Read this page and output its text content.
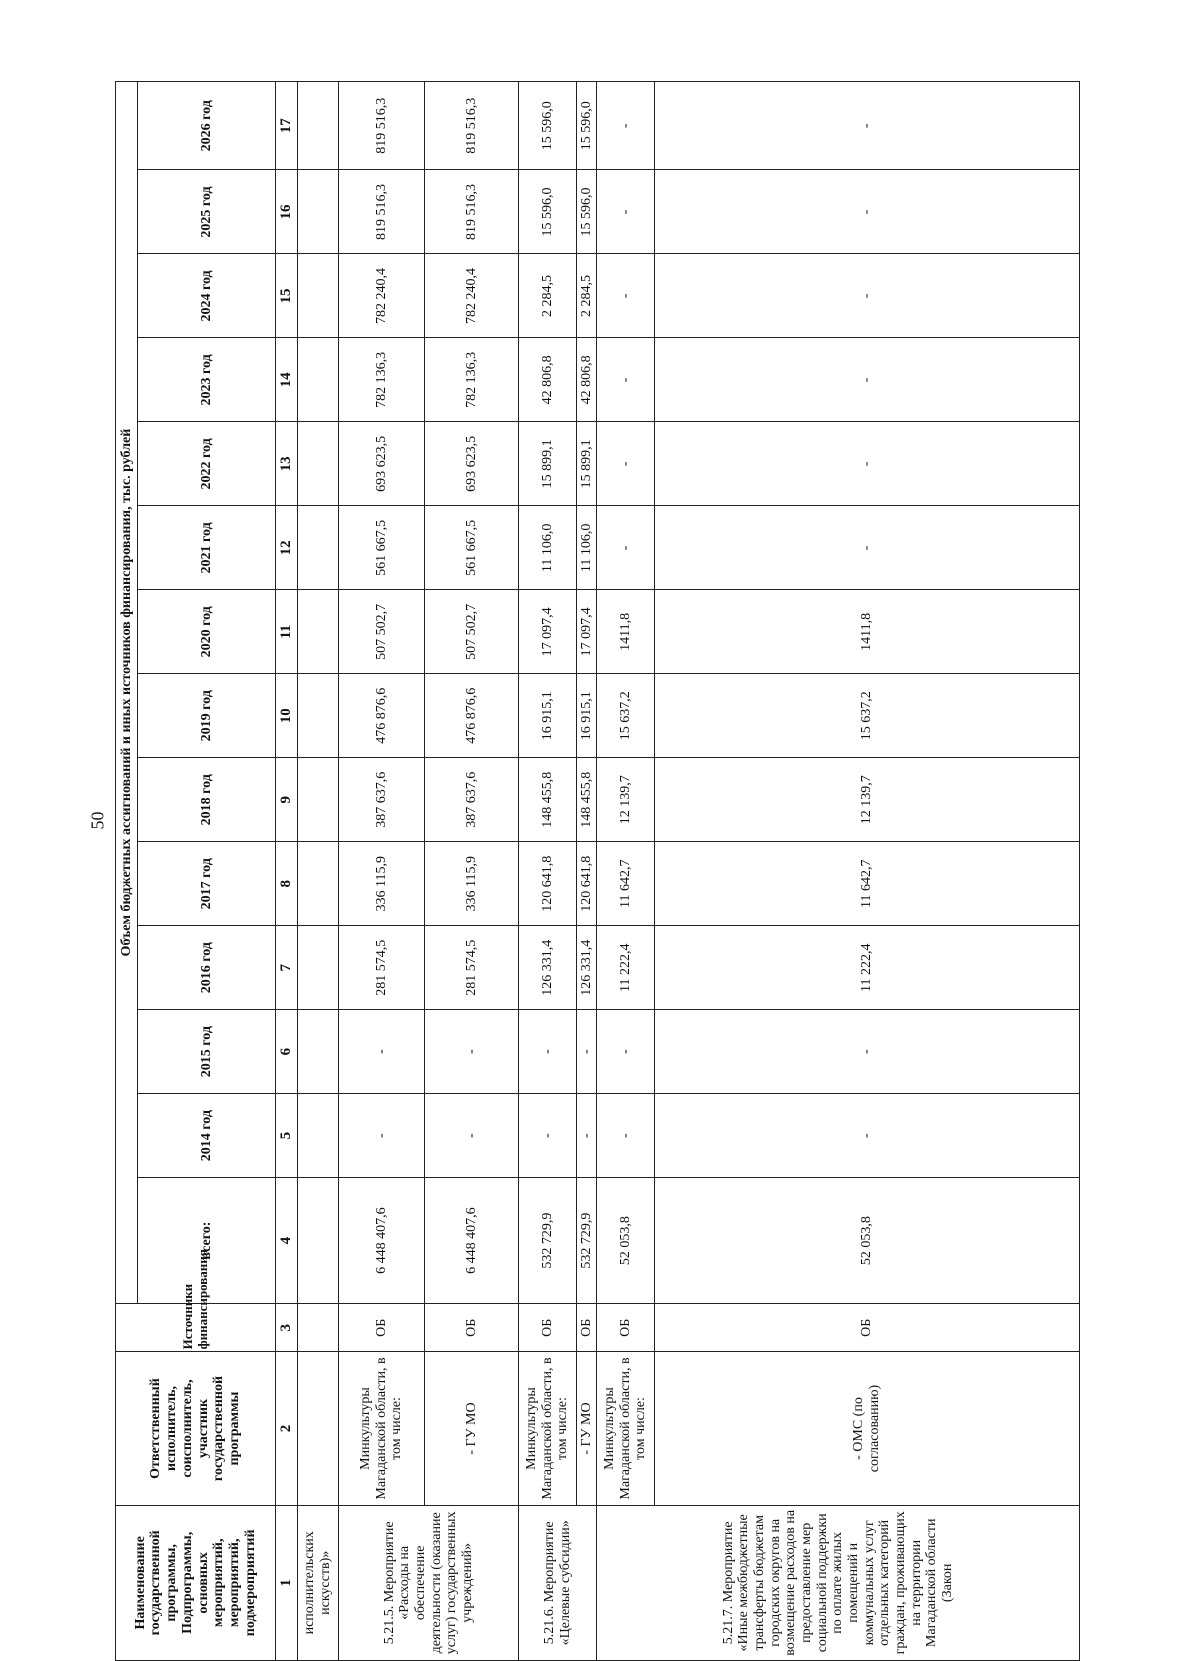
50
Наименование государственной программы, Подпрограммы, основных мероприятий, мероприятий, подмероприятий	Ответственный исполнитель, соисполнитель, участник государственной программы	Источники финансирования	Объем бюджетных ассигнований и иных источников финансирования, тыс. рублей													
			всего:	2014 год	2015 год	2016 год	2017 год	2018 год	2019 год	2020 год	2021 год	2022 год	2023 год	2024 год	2025 год	2026 год
1	2	3	4	5	6	7	8	9	10	11	12	13	14	15	16	17
исполнительских искусств)»																
5.21.5. Мероприятие «Расходы на обеспечение деятельности (оказание услуг) государственных учреждений»	Минкультуры Магаданской области, в том числе:	ОБ	6 448 407,6	-	-	281 574,5	336 115,9	387 637,6	476 876,6	507 502,7	561 667,5	693 623,5	782 136,3	782 240,4	819 516,3	819 516,3
	- ГУ МО	ОБ	6 448 407,6	-	-	281 574,5	336 115,9	387 637,6	476 876,6	507 502,7	561 667,5	693 623,5	782 136,3	782 240,4	819 516,3	819 516,3
5.21.6. Мероприятие «Целевые субсидии»	Минкультуры Магаданской области, в том числе:	ОБ	532 729,9	-	-	126 331,4	120 641,8	148 455,8	16 915,1	17 097,4	11 106,0	15 899,1	42 806,8	2 284,5	15 596,0	15 596,0
	- ГУ МО	ОБ	532 729,9	-	-	126 331,4	120 641,8	148 455,8	16 915,1	17 097,4	11 106,0	15 899,1	42 806,8	2 284,5	15 596,0	15 596,0
5.21.7. Мероприятие «Иные межбюджетные трансферты бюджетам городских округов на возмещение расходов на предоставление мер социальной поддержки по оплате жилых помещений и коммунальных услуг отдельных категорий граждан, проживающих на территории Магаданской области (Закон	Минкультуры Магаданской области, в том числе:	ОБ	52 053,8	-	-	11 222,4	11 642,7	12 139,7	15 637,2	1411,8	-	-	-	-	-	-
	- ОМС (по согласованию)	ОБ	52 053,8	-	-	11 222,4	11 642,7	12 139,7	15 637,2	1411,8	-	-	-	-	-	-
